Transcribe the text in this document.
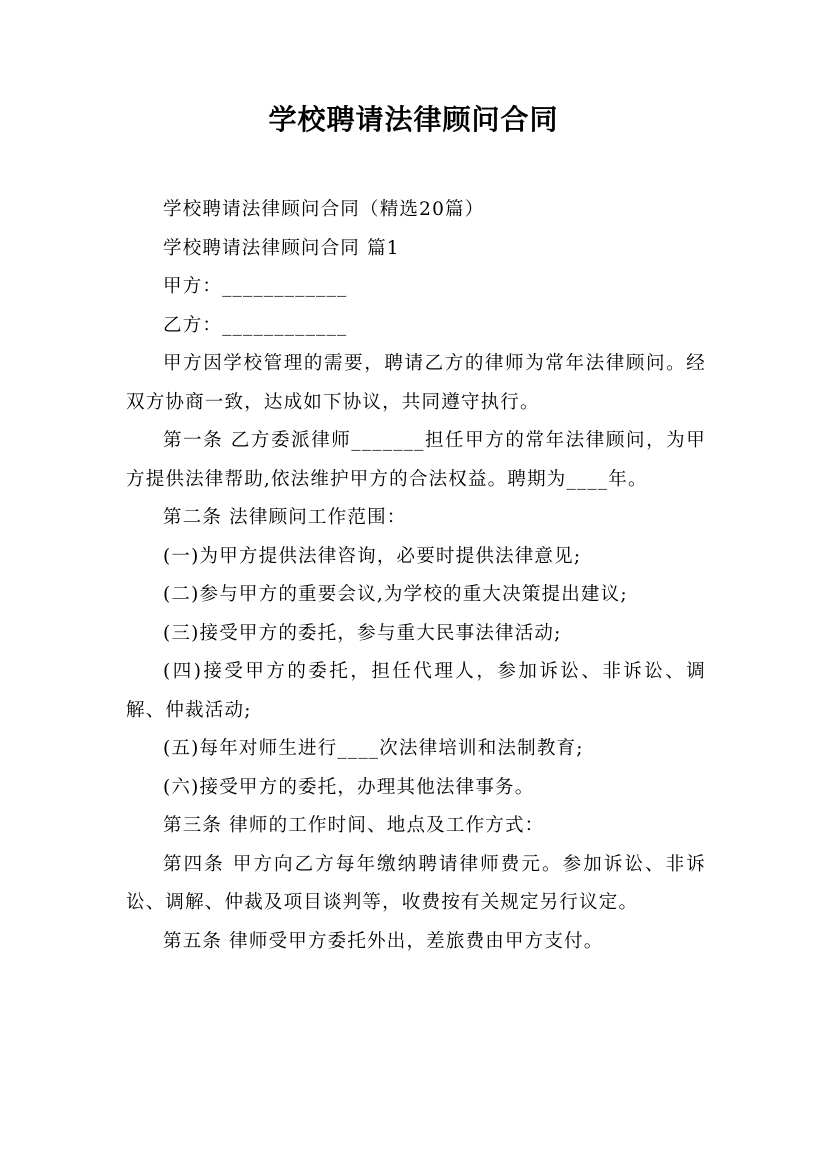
学校聘请法律顾问合同

学校聘请法律顾问合同（精选20篇）

学校聘请法律顾问合同 篇1

甲方：____________

乙方：____________

甲方因学校管理的需要，聘请乙方的律师为常年法律顾问。经双方协商一致，达成如下协议，共同遵守执行。

第一条 乙方委派律师_______担任甲方的常年法律顾问，为甲方提供法律帮助,依法维护甲方的合法权益。聘期为____年。

第二条 法律顾问工作范围：

(一)为甲方提供法律咨询，必要时提供法律意见;

(二)参与甲方的重要会议,为学校的重大决策提出建议;

(三)接受甲方的委托，参与重大民事法律活动;

(四)接受甲方的委托，担任代理人，参加诉讼、非诉讼、调解、仲裁活动;

(五)每年对师生进行____次法律培训和法制教育;

(六)接受甲方的委托，办理其他法律事务。

第三条 律师的工作时间、地点及工作方式：

第四条 甲方向乙方每年缴纳聘请律师费元。参加诉讼、非诉讼、调解、仲裁及项目谈判等，收费按有关规定另行议定。

第五条 律师受甲方委托外出，差旅费由甲方支付。
